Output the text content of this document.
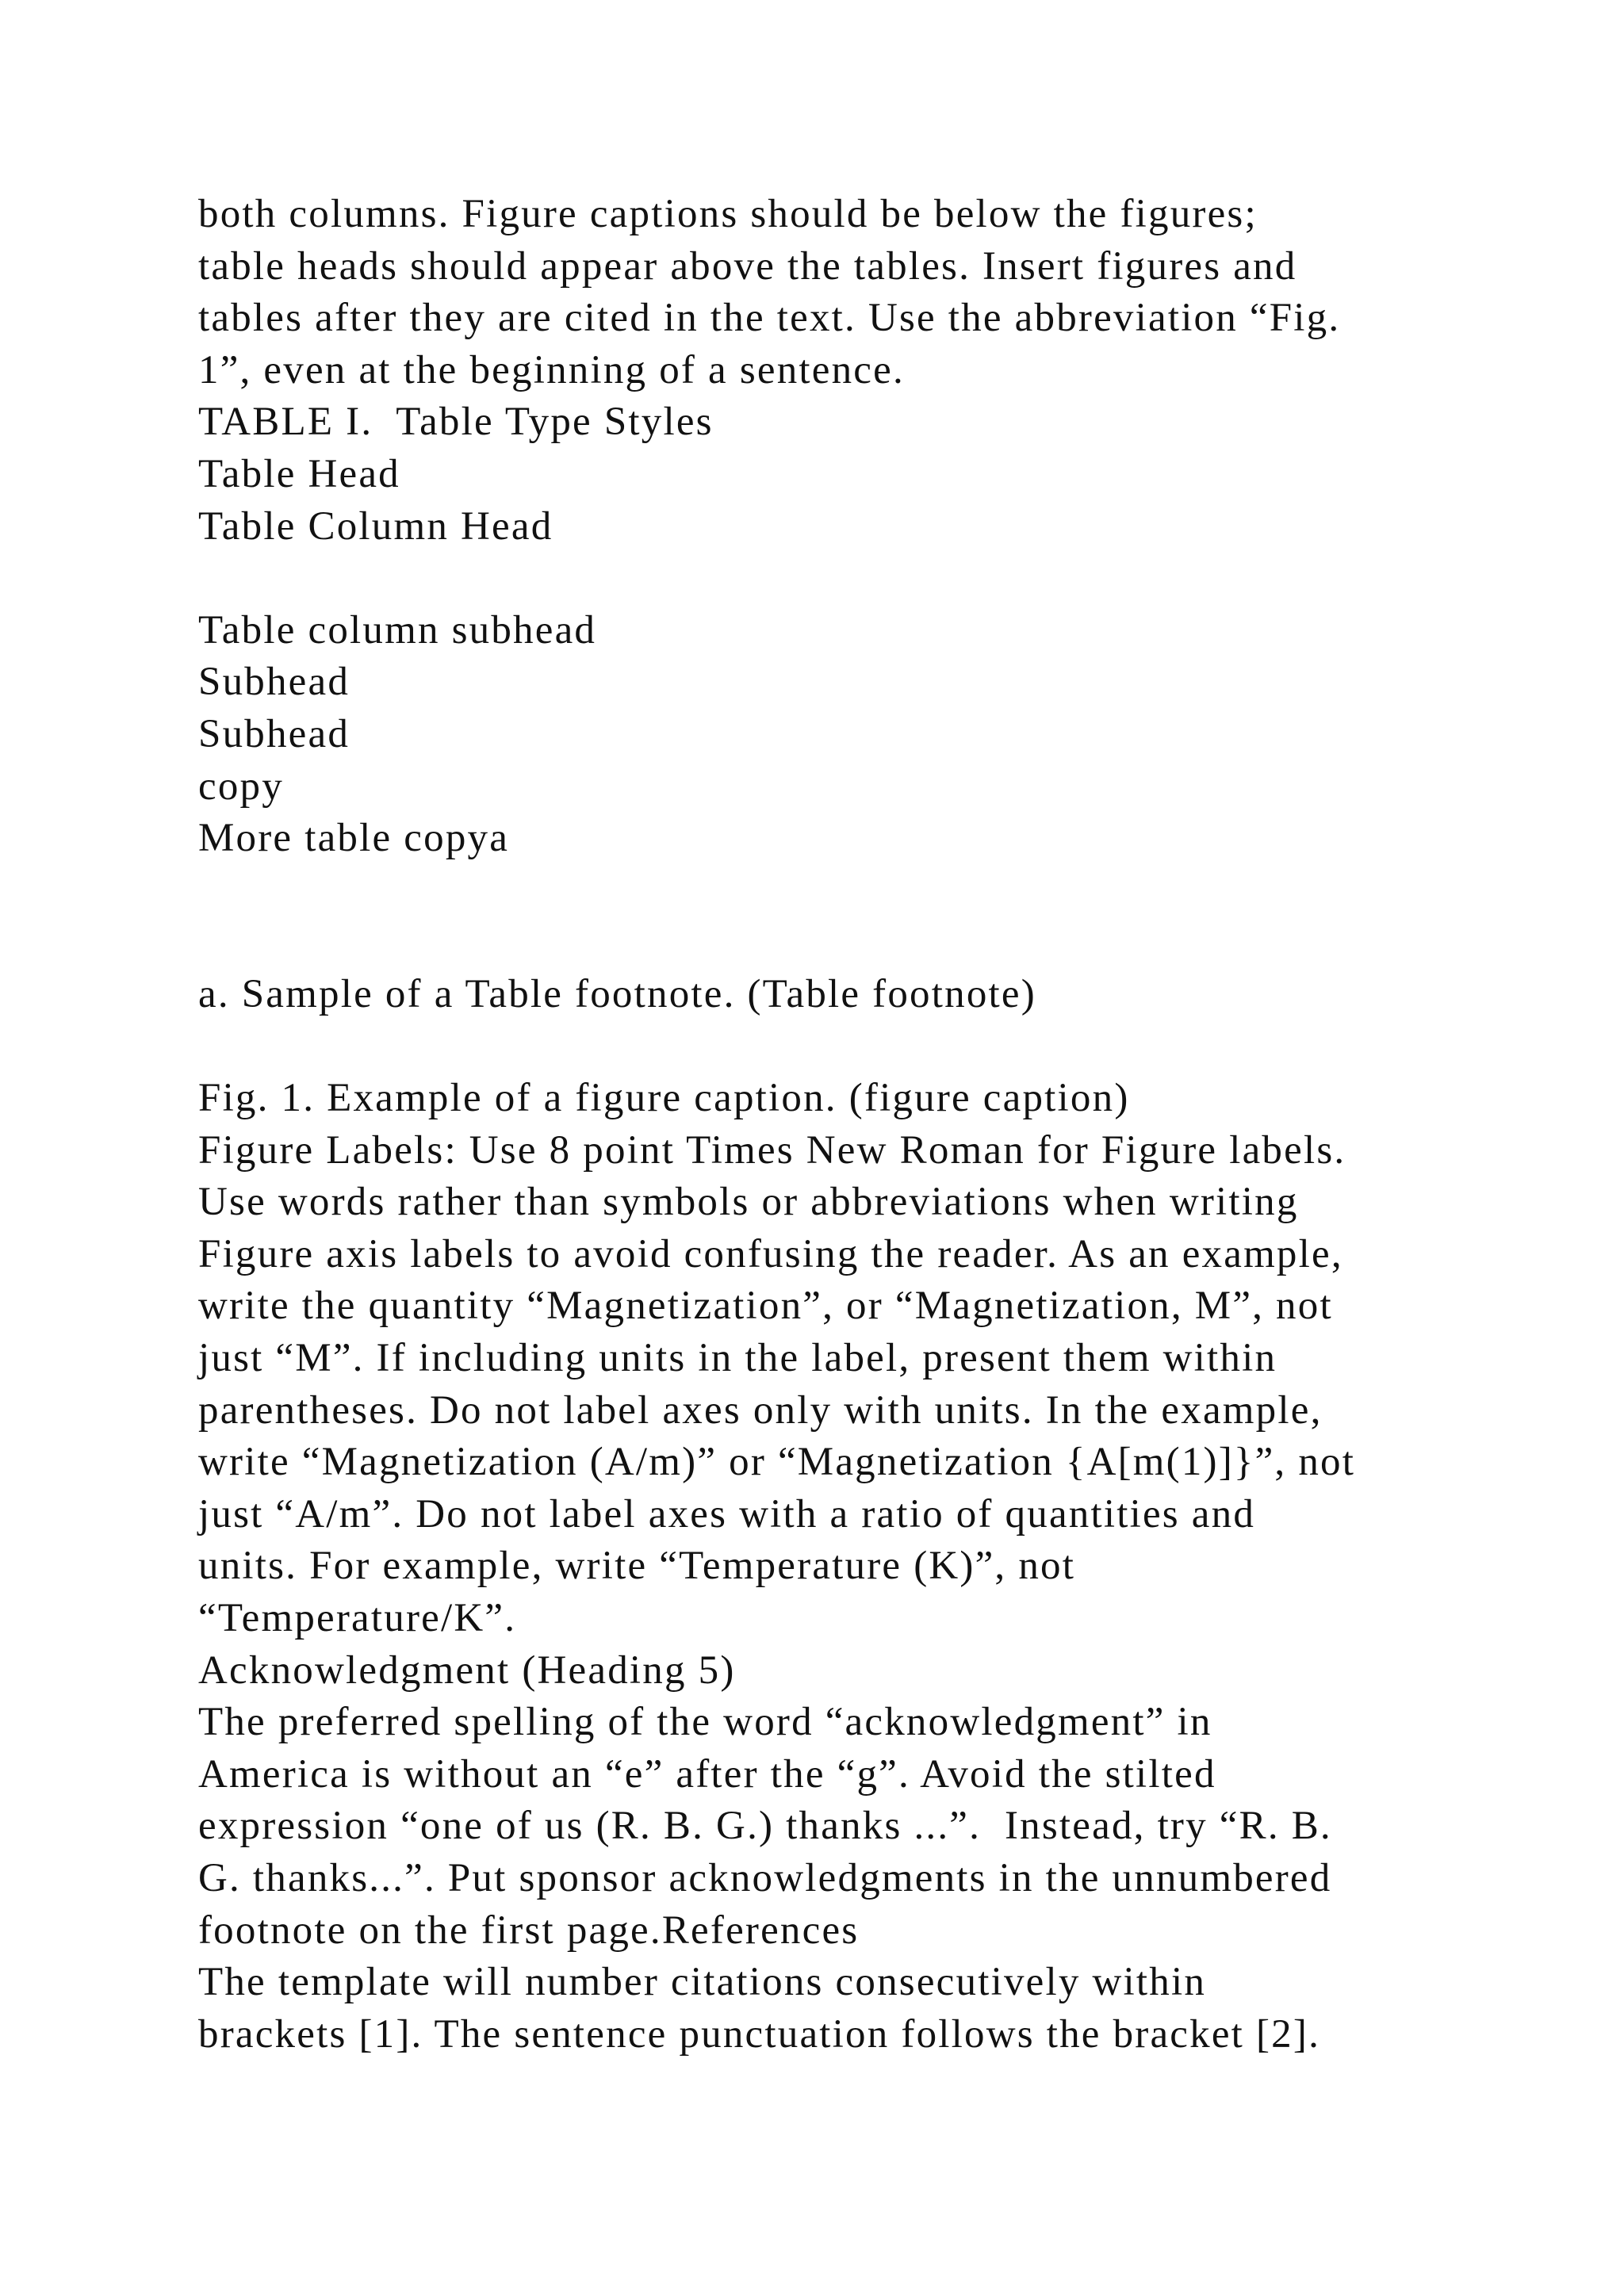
both columns. Figure captions should be below the figures;
table heads should appear above the tables. Insert figures and
tables after they are cited in the text. Use the abbreviation “Fig.
1”, even at the beginning of a sentence.
TABLE I.  Table Type Styles
Table Head
Table Column Head
Table column subhead
Subhead
Subhead
copy
More table copya
a. Sample of a Table footnote. (Table footnote)
Fig. 1. Example of a figure caption. (figure caption)
Figure Labels: Use 8 point Times New Roman for Figure labels.
Use words rather than symbols or abbreviations when writing
Figure axis labels to avoid confusing the reader. As an example,
write the quantity “Magnetization”, or “Magnetization, M”, not
just “M”. If including units in the label, present them within
parentheses. Do not label axes only with units. In the example,
write “Magnetization (A/m)” or “Magnetization {A[m(1)]}”, not
just “A/m”. Do not label axes with a ratio of quantities and
units. For example, write “Temperature (K)”, not
“Temperature/K”.
Acknowledgment (Heading 5)
The preferred spelling of the word “acknowledgment” in
America is without an “e” after the “g”. Avoid the stilted
expression “one of us (R. B. G.) thanks ...”.  Instead, try “R. B.
G. thanks...”. Put sponsor acknowledgments in the unnumbered
footnote on the first page.References
The template will number citations consecutively within
brackets [1]. The sentence punctuation follows the bracket [2].
